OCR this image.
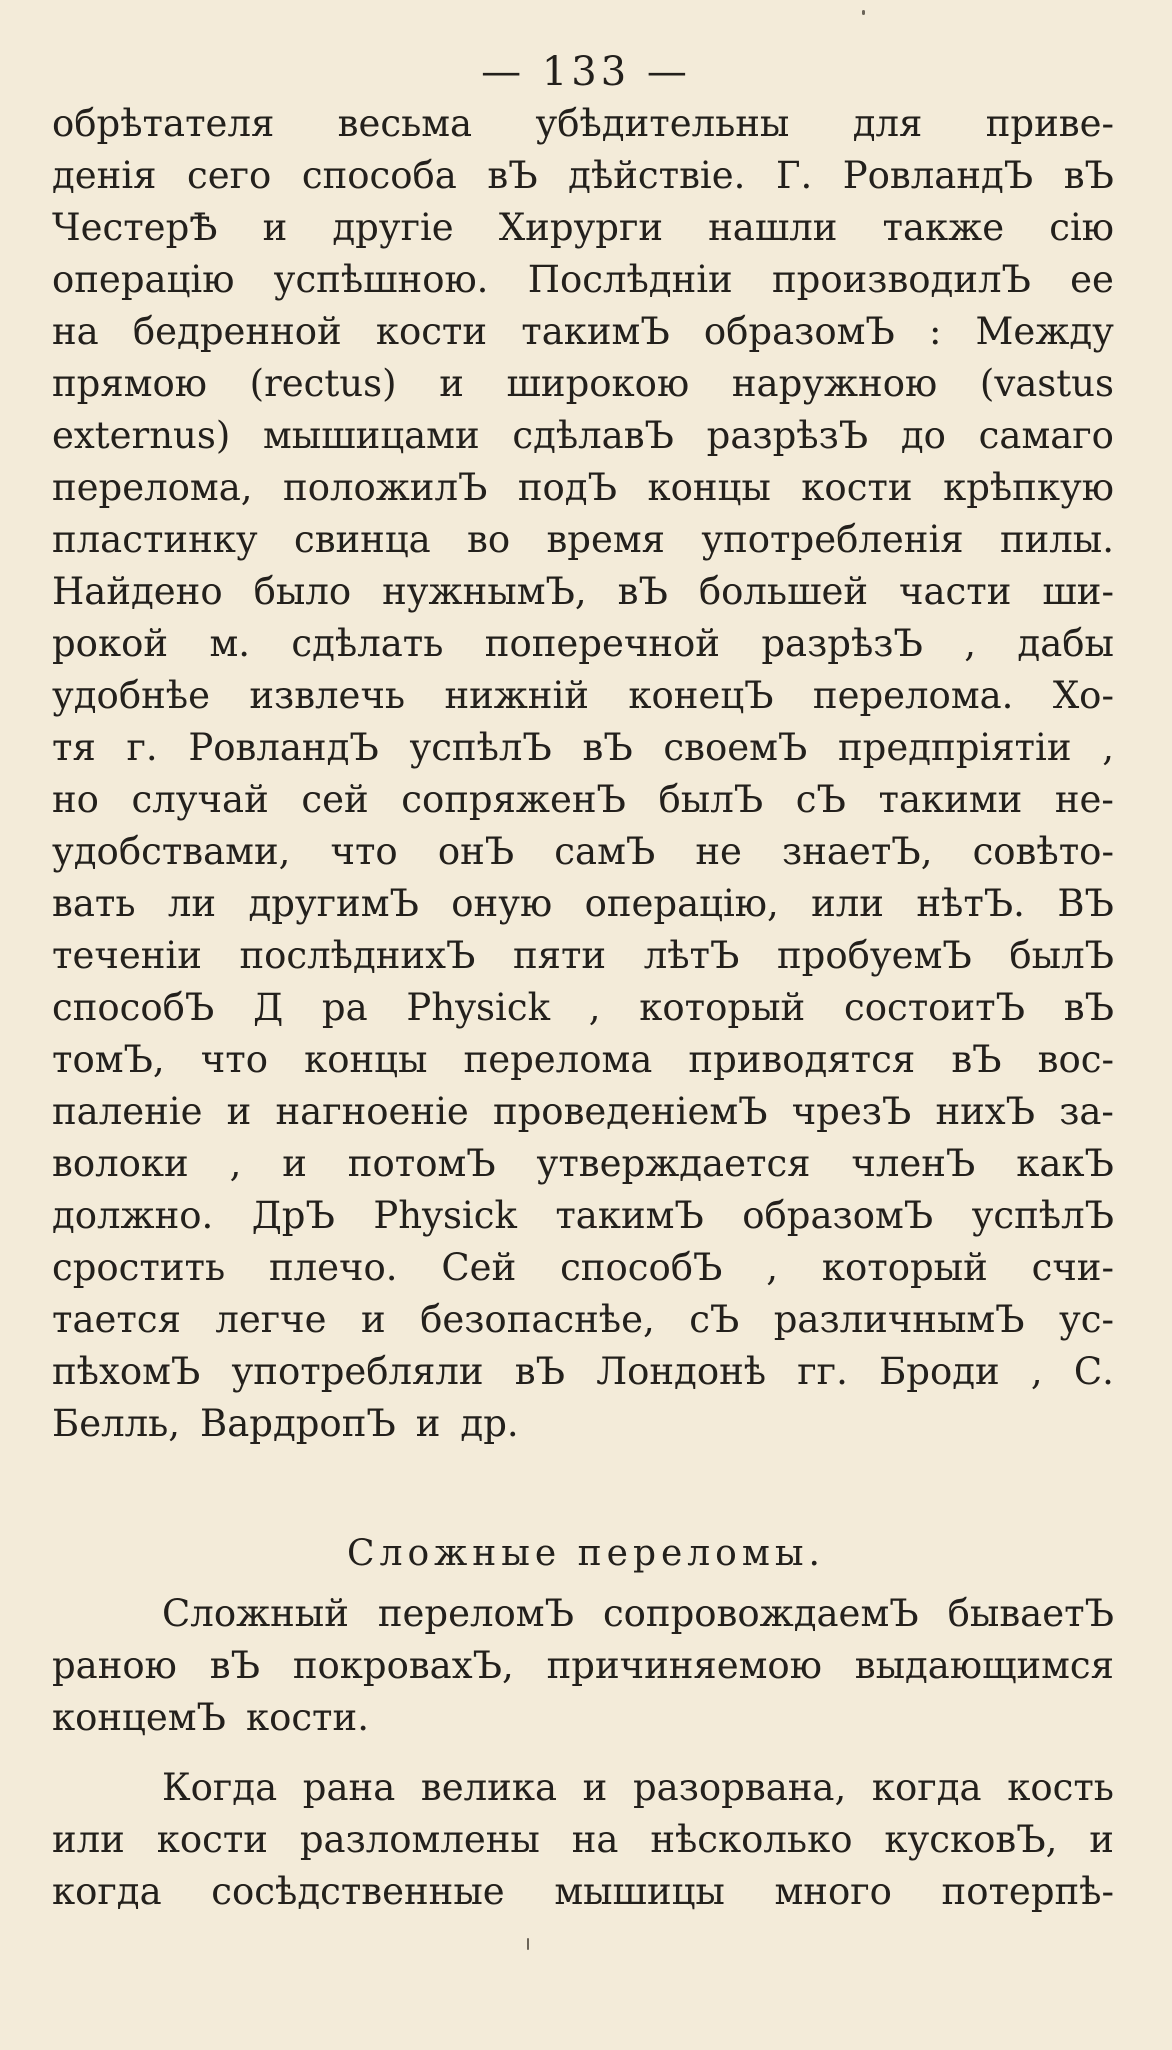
— 133 —
обрѣтателя весьма убѣдительны для приве-
денія сего способа вЪ дѣйствіе. Г. РовландЪ вЪ
ЧестерѢ и другіе Хирурги нашли также сію
операцію успѣшною. Послѣдніи производилЪ ее
на бедренной кости такимЪ образомЪ : Между
прямою (rectus) и широкою наружною (vastus
externus) мышицами сдѣлавЪ разрѣзЪ до самаго
перелома, положилЪ подЪ концы кости крѣпкую
пластинку свинца во время употребленія пилы.
Найдено было нужнымЪ, вЪ большей части ши-
рокой м. сдѣлать поперечной разрѣзЪ , дабы
удобнѣе извлечь нижній конецЪ перелома. Хо-
тя г. РовландЪ успѣлЪ вЪ своемЪ предпріятіи ,
но случай сей сопряженЪ былЪ сЪ такими не-
удобствами, что онЪ самЪ не знаетЪ, совѣто-
вать ли другимЪ оную операцію, или нѣтЪ. ВЪ
теченіи послѣднихЪ пяти лѣтЪ пробуемЪ былЪ
способЪ Д ра Physick , который состоитЪ вЪ
томЪ, что концы перелома приводятся вЪ вос-
паленіе и нагноеніе проведеніемЪ чрезЪ нихЪ за-
волоки , и потомЪ утверждается членЪ какЪ
должно. ДрЪ Physick такимЪ образомЪ успѣлЪ
сростить плечо. Сей способЪ , который счи-
тается легче и безопаснѣе, сЪ различнымЪ ус-
пѣхомЪ употребляли вЪ Лондонѣ гг. Броди , С.
Белль, ВардропЪ и др.
Сложные переломы.
Сложный переломЪ сопровождаемЪ бываетЪ
раною вЪ покровахЪ, причиняемою выдающимся
концемЪ кости.
Когда рана велика и разорвана, когда кость
или кости разломлены на нѣсколько кусковЪ, и
когда сосѣдственные мышицы много потерпѣ-
